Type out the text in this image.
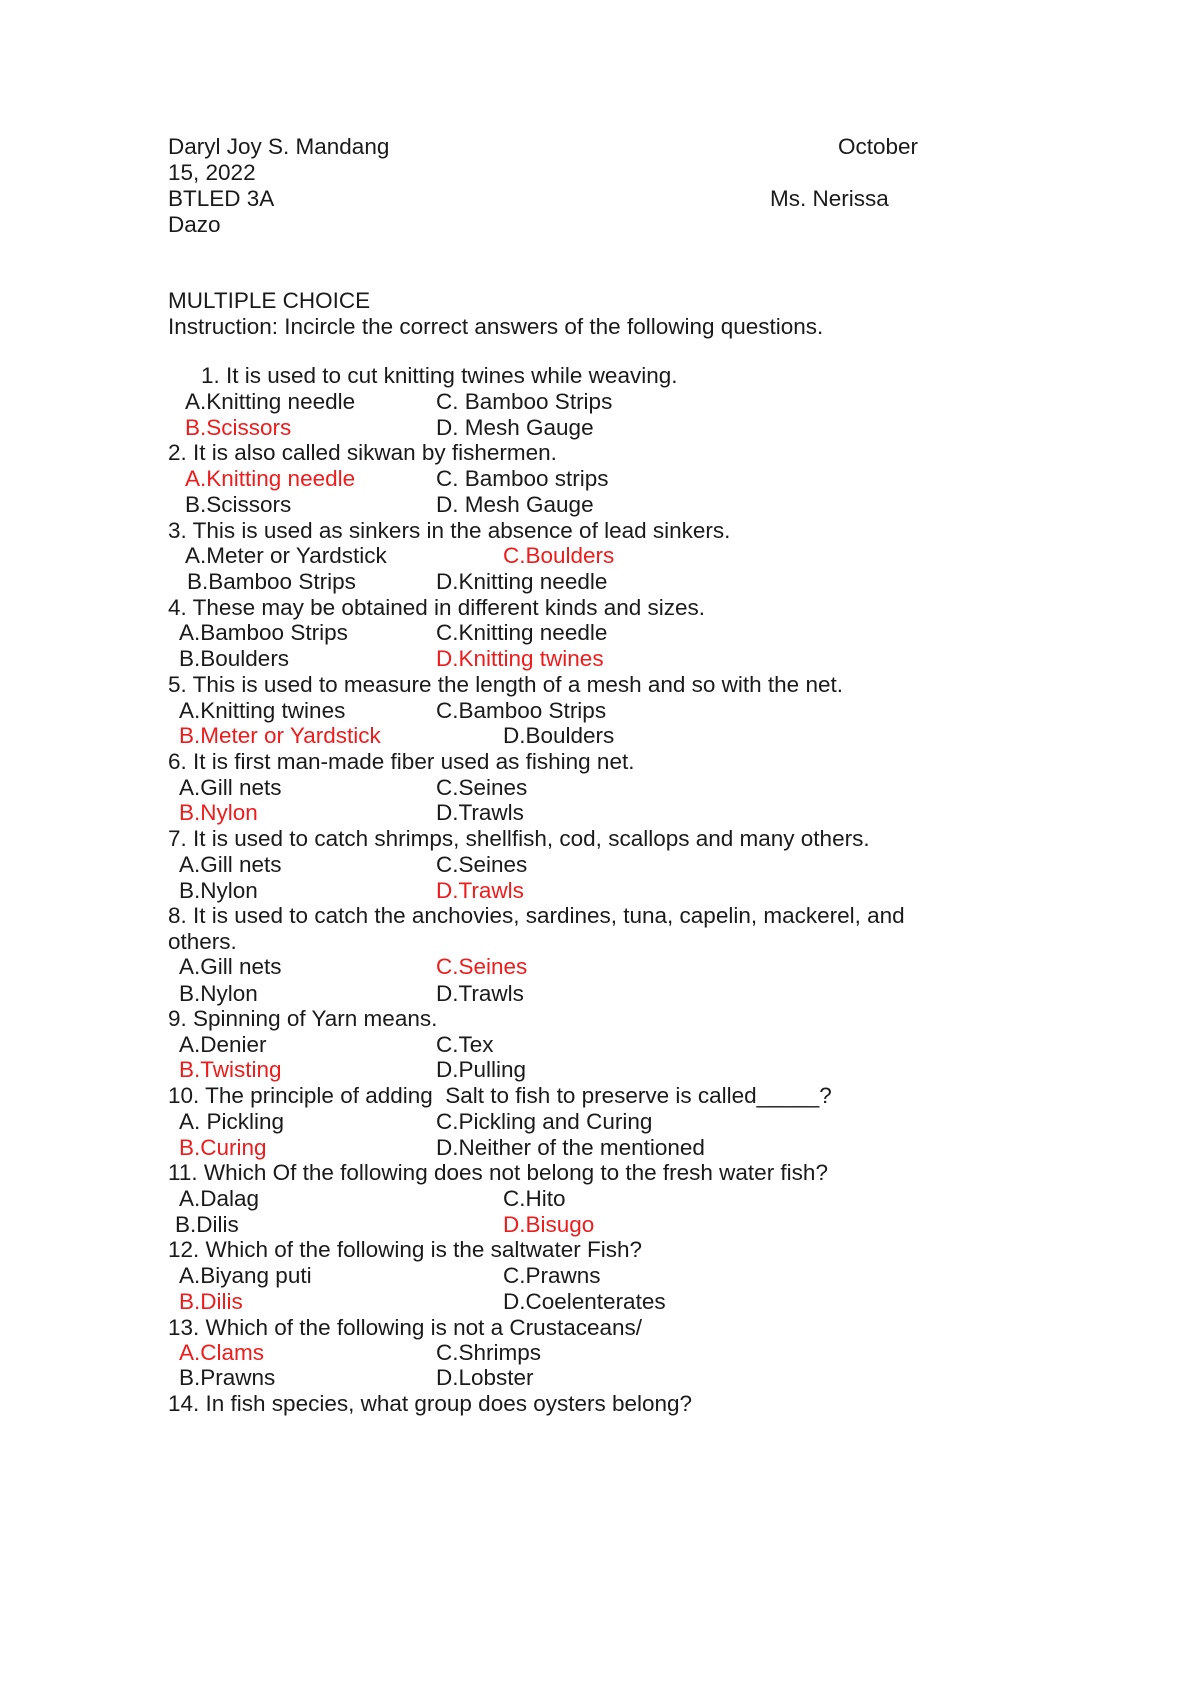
Daryl Joy S. Mandang	October
15, 2022
BTLED 3A	Ms. Nerissa
Dazo
MULTIPLE CHOICE
Instruction: Incircle the correct answers of the following questions.
1. It is used to cut knitting twines while weaving.
A.Knitting needle	C. Bamboo Strips
B.Scissors	D. Mesh Gauge
2. It is also called sikwan by fishermen.
A.Knitting needle	C. Bamboo strips
B.Scissors	D. Mesh Gauge
3. This is used as sinkers in the absence of lead sinkers.
A.Meter or Yardstick	C.Boulders
B.Bamboo Strips	D.Knitting needle
4. These may be obtained in different kinds and sizes.
A.Bamboo Strips	C.Knitting needle
B.Boulders	D.Knitting twines
5. This is used to measure the length of a mesh and so with the net.
A.Knitting twines	C.Bamboo Strips
B.Meter or Yardstick	D.Boulders
6. It is first man-made fiber used as fishing net.
A.Gill nets	C.Seines
B.Nylon	D.Trawls
7. It is used to catch shrimps, shellfish, cod, scallops and many others.
A.Gill nets	C.Seines
B.Nylon	D.Trawls
8. It is used to catch the anchovies, sardines, tuna, capelin, mackerel, and
others.
A.Gill nets	C.Seines
B.Nylon	D.Trawls
9. Spinning of Yarn means.
A.Denier	C.Tex
B.Twisting	D.Pulling
10. The principle of adding  Salt to fish to preserve is called_____?
A. Pickling	C.Pickling and Curing
B.Curing	D.Neither of the mentioned
11. Which Of the following does not belong to the fresh water fish?
A.Dalag	C.Hito
B.Dilis	D.Bisugo
12. Which of the following is the saltwater Fish?
A.Biyang puti	C.Prawns
B.Dilis	D.Coelenterates
13. Which of the following is not a Crustaceans/
A.Clams	C.Shrimps
B.Prawns	D.Lobster
14. In fish species, what group does oysters belong?
